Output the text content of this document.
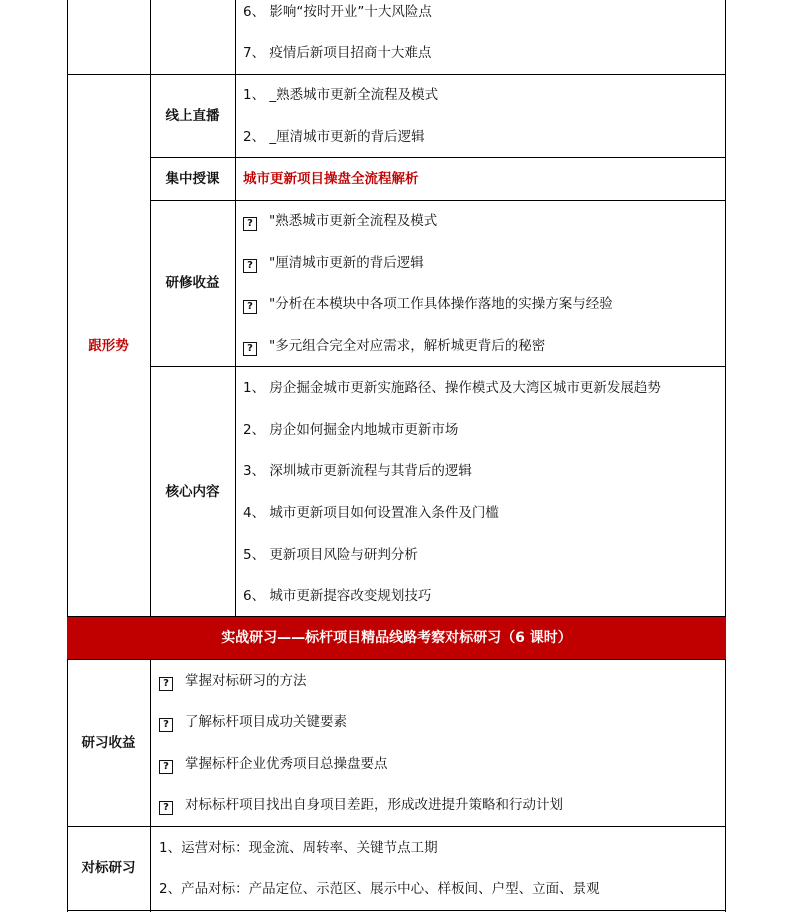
6、 影响“按时开业”十大风险点
7、 疫情后新项目招商十大难点
跟形势
线上直播
1、 _熟悉城市更新全流程及模式
2、 _厘清城市更新的背后逻辑
集中授课	城市更新项目操盘全流程解析
研修收益
? "熟悉城市更新全流程及模式
? "厘清城市更新的背后逻辑
? "分析在本模块中各项工作具体操作落地的实操方案与经验
? "多元组合完全对应需求，解析城更背后的秘密
核心内容
1、 房企掘金城市更新实施路径、操作模式及大湾区城市更新发展趋势
2、 房企如何掘金内地城市更新市场
3、 深圳城市更新流程与其背后的逻辑
4、 城市更新项目如何设置准入条件及门槛
5、 更新项目风险与研判分析
6、 城市更新提容改变规划技巧
实战研习——标杆项目精品线路考察对标研习（6 课时）
研习收益
? 掌握对标研习的方法
? 了解标杆项目成功关键要素
? 掌握标杆企业优秀项目总操盘要点
? 对标标杆项目找出自身项目差距，形成改进提升策略和行动计划
对标研习
1、运营对标：现金流、周转率、关键节点工期
2、产品对标：产品定位、示范区、展示中心、样板间、户型、立面、景观
